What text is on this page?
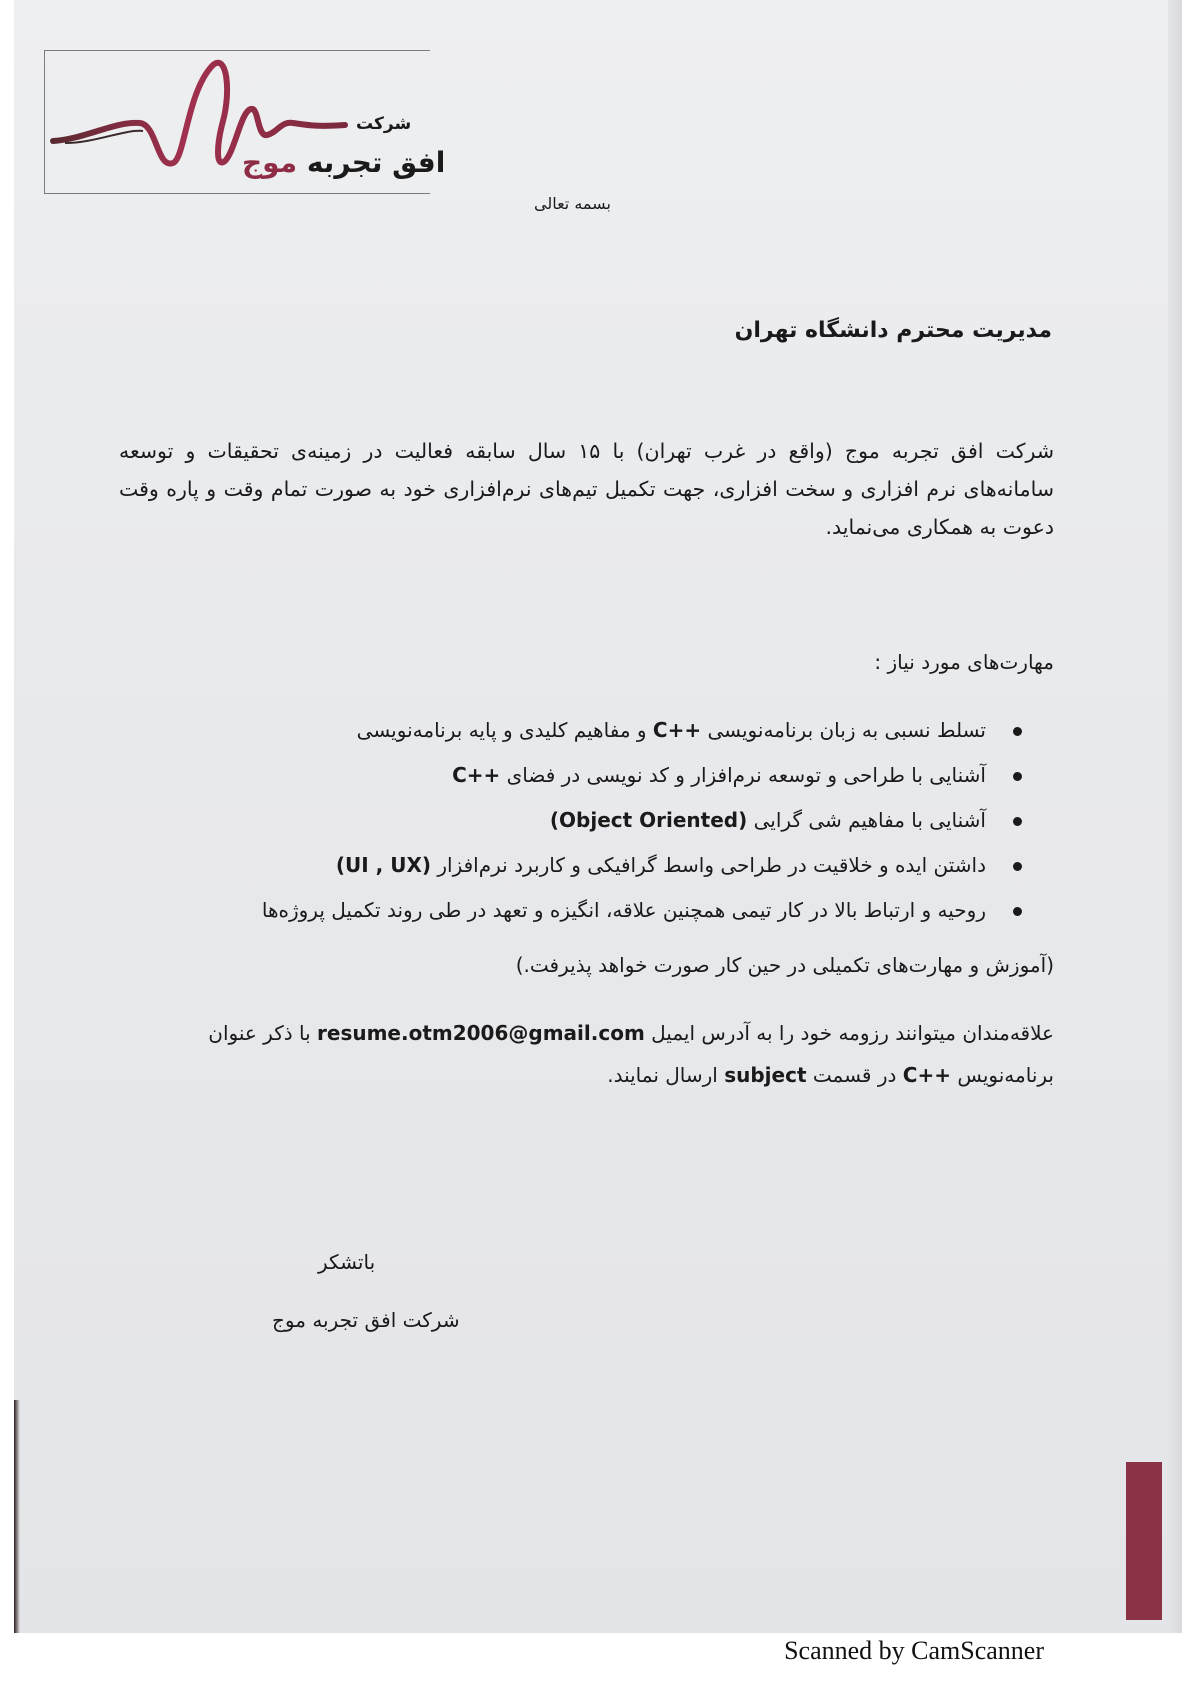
شرکت
افق تجربه موج
بسمه تعالی
مدیریت محترم دانشگاه تهران
شرکت افق تجربه موج (واقع در غرب تهران) با ۱۵ سال سابقه فعالیت در زمینه‌ی تحقیقات و توسعه سامانه‌های نرم افزاری و سخت افزاری، جهت تکمیل تیم‌های نرم‌افزاری خود به صورت تمام وقت و پاره وقت دعوت به همکاری می‌نماید.
مهارت‌های مورد نیاز :
تسلط نسبی به زبان برنامه‌نویسی C++ و مفاهیم کلیدی و پایه برنامه‌نویسی
آشنایی با طراحی و توسعه نرم‌افزار و کد نویسی در فضای C++
آشنایی با مفاهیم شی گرایی (Object Oriented)
داشتن ایده و خلاقیت در طراحی واسط گرافیکی و کاربرد نرم‌افزار (UI , UX)
روحیه و ارتباط بالا در کار تیمی همچنین علاقه، انگیزه و تعهد در طی روند تکمیل پروژه‌ها
(آموزش و مهارت‌های تکمیلی در حین کار صورت خواهد پذیرفت.)
علاقه‌مندان میتوانند رزومه خود را به آدرس ایمیل resume.otm2006@gmail.com با ذکر عنوان برنامه‌نویس C++ در قسمت subject ارسال نمایند.
باتشکر
شرکت افق تجربه موج
Scanned by CamScanner
